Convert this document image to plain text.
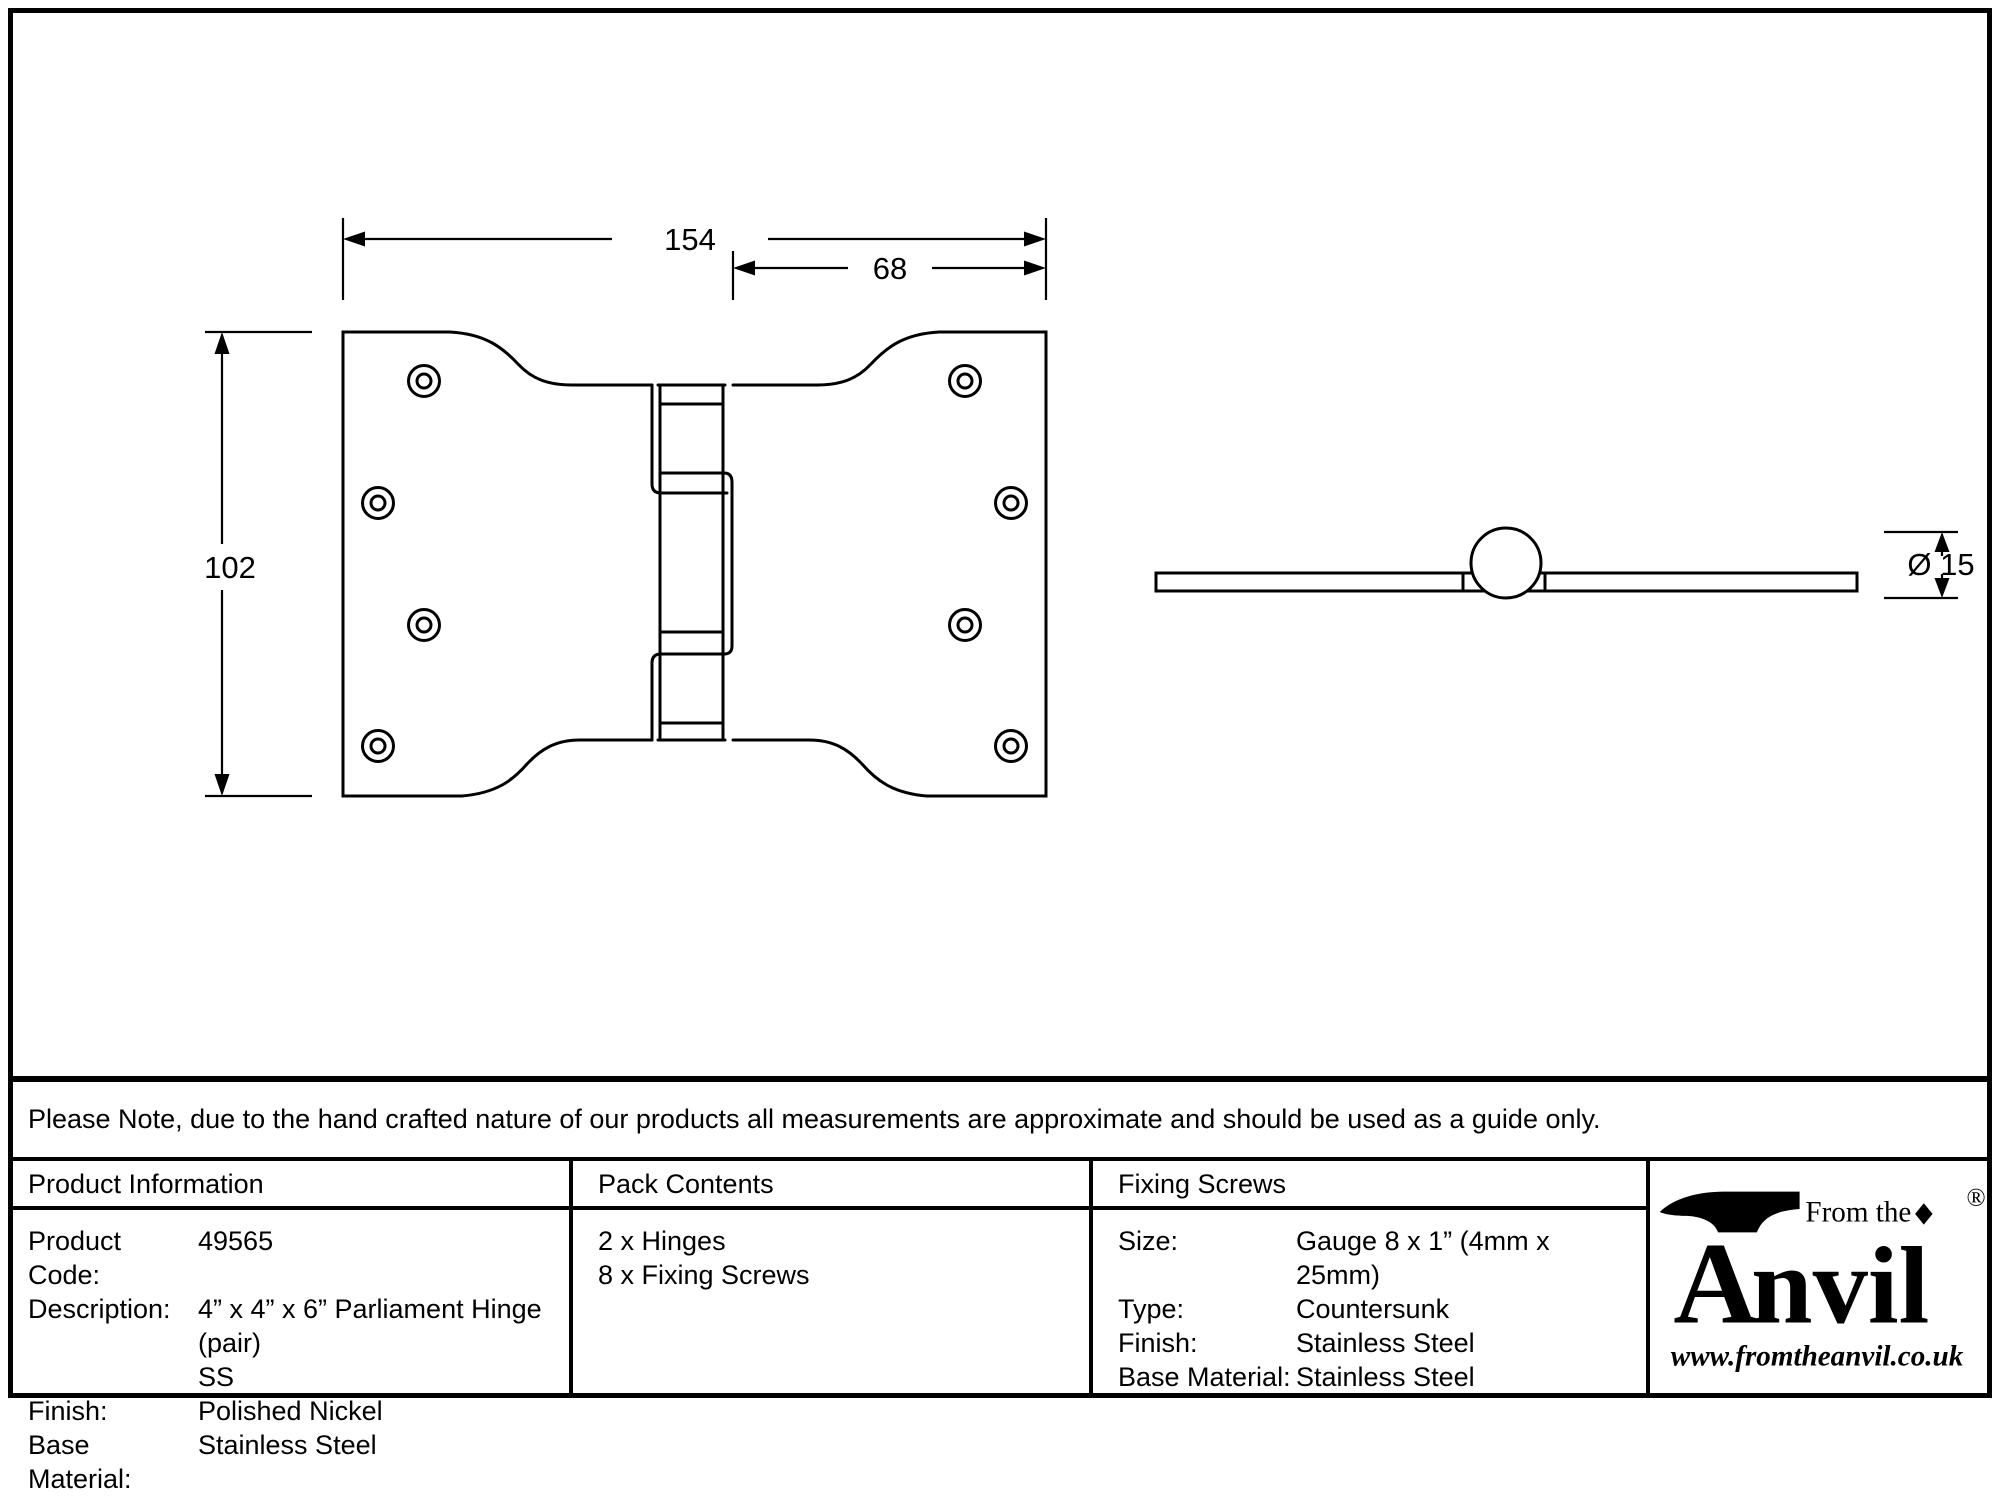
154
68
102	Ø 15
Please Note, due to the hand crafted nature of our products all measurements are approximate and should be used as a guide only.
Product Information
Product Code:
49565
Description:	4” x 4” x 6” Parliament Hinge (pair)
SS
Finish:	Polished Nickel
Base Material:
Stainless Steel
Pack Contents
2 x Hinges
8 x Fixing Screws
Fixing Screws
Size:	Gauge 8 x 1” (4mm x 25mm)
Type:	Countersunk
Finish:	Stainless Steel
Base Material: Stainless Steel
A
nvil
From the ®
www.fromtheanvil.co.uk
